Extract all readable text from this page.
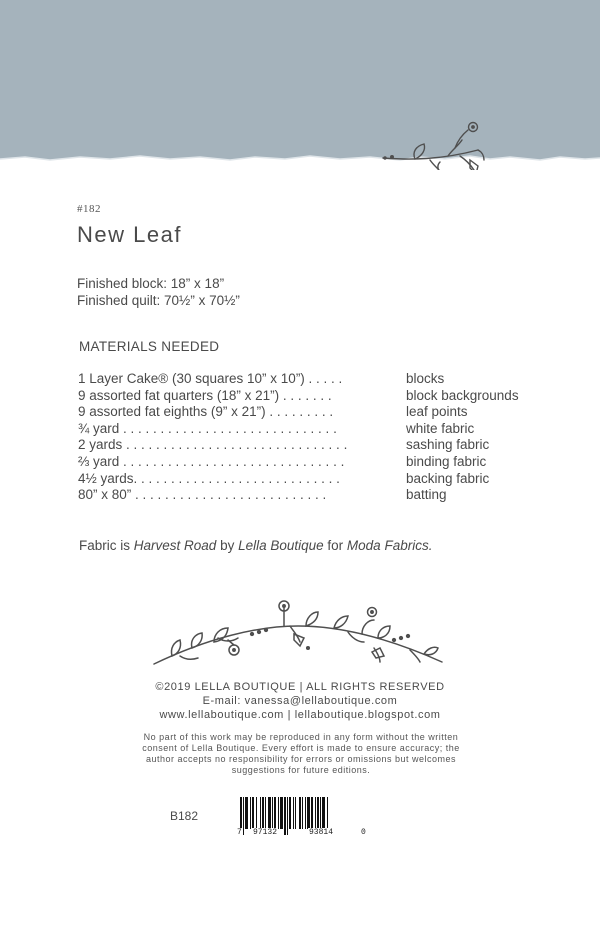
#182
New Leaf
Finished block: 18” x 18”
Finished quilt: 70½” x 70½”
MATERIALS NEEDED
1 Layer Cake® (30 squares 10” x 10”) . . . . .	blocks
9 assorted fat quarters (18” x 21”) . . . . . . .	block backgrounds
9 assorted fat eighths (9” x 21”) . . . . . . . . .	leaf points
¾ yard . . . . . . . . . . . . . . . . . . . . . . . . . . . . .	white fabric
2 yards . . . . . . . . . . . . . . . . . . . . . . . . . . . . . .	sashing fabric
⅔ yard . . . . . . . . . . . . . . . . . . . . . . . . . . . . . .	binding fabric
4½ yards. . . . . . . . . . . . . . . . . . . . . . . . . . . .	backing fabric
80” x 80” . . . . . . . . . . . . . . . . . . . . . . . . . .	batting
Fabric is Harvest Road by Lella Boutique for Moda Fabrics.
©2019 LELLA BOUTIQUE | ALL RIGHTS RESERVED
E-mail: vanessa@lellaboutique.com
www.lellaboutique.com | lellaboutique.blogspot.com
No part of this work may be reproduced in any form without the written consent of Lella Boutique. Every effort is made to ensure accuracy; the author accepts no responsibility for errors or omissions but welcomes suggestions for future editions.
B182
7 97132	93814	0
